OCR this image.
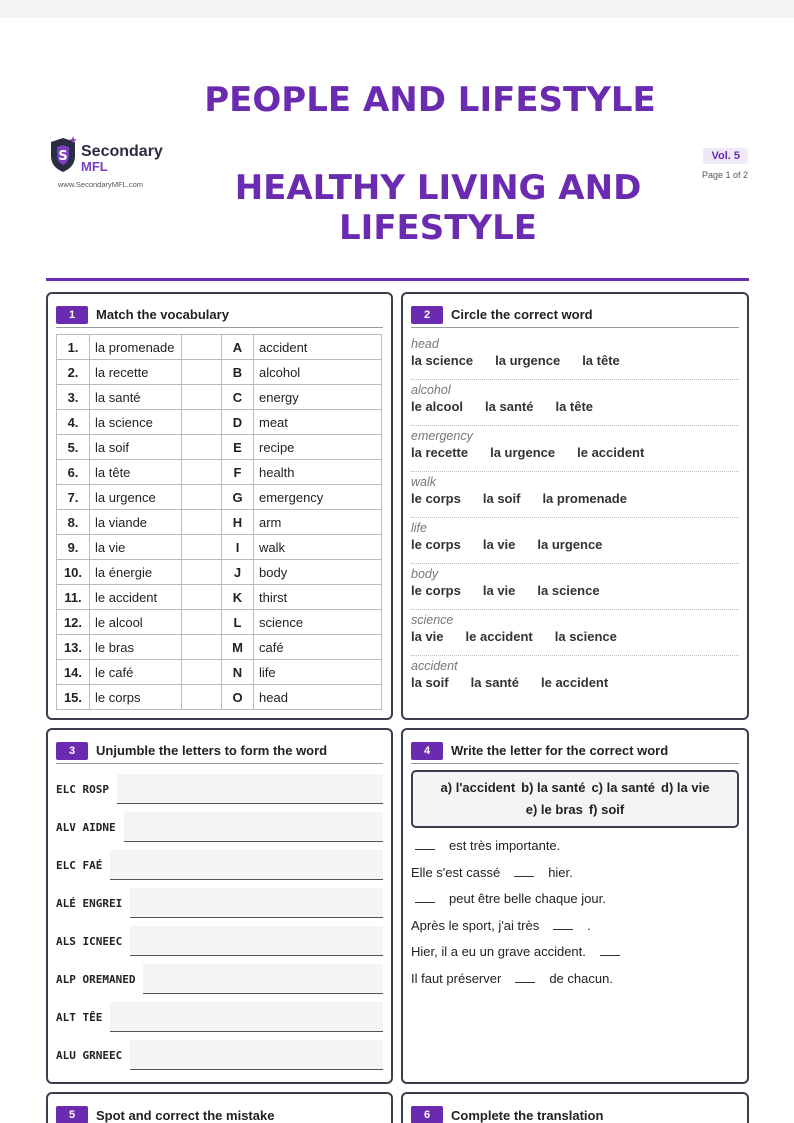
PEOPLE AND LIFESTYLE
S Secondary
MFL
www.SecondaryMFL.com	HEALTHY LIVING AND LIFESTYLE
Vol. 5
Page 1 of 2
1	Match the vocabulary
1.	la promenade		A	accident
2.	la recette		B	alcohol
3.	la santé		C	energy
4.	la science		D	meat
5.	la soif		E	recipe
6.	la tête		F	health
7.	la urgence		G	emergency
8.	la viande		H	arm
9.	la vie		I	walk
10.	la énergie		J	body
11.	le accident		K	thirst
12.	le alcool		L	science
13.	le bras		M	café
14.	le café		N	life
15.	le corps		O	head
2	Circle the correct word
head
la science la urgence la tête
alcohol
le alcool la santé la tête
emergency
la recette la urgence le accident
walk
le corps la soif la promenade
life
le corps la vie la urgence
body
le corps la vie la science
science
la vie le accident la science
accident
la soif la santé le accident
3	Unjumble the letters to form the word
ELC ROSP
ALV AIDNE
ELC FAÉ
ALÉ ENGREI
ALS ICNEEC
ALP OREMANED
ALT TÊE
ALU GRNEEC
4	Write the letter for the correct word
a) l'accident b) la santé c) la santé d) la vie
e) le bras f) soif
est très importante.
Elle s'est cassé	hier.
peut être belle chaque jour.
Après le sport, j'ai très	.
Hier, il a eu un grave accident.
Il faut préserver	de chacun.
5	Spot and correct the mistake	6	Complete the translation
